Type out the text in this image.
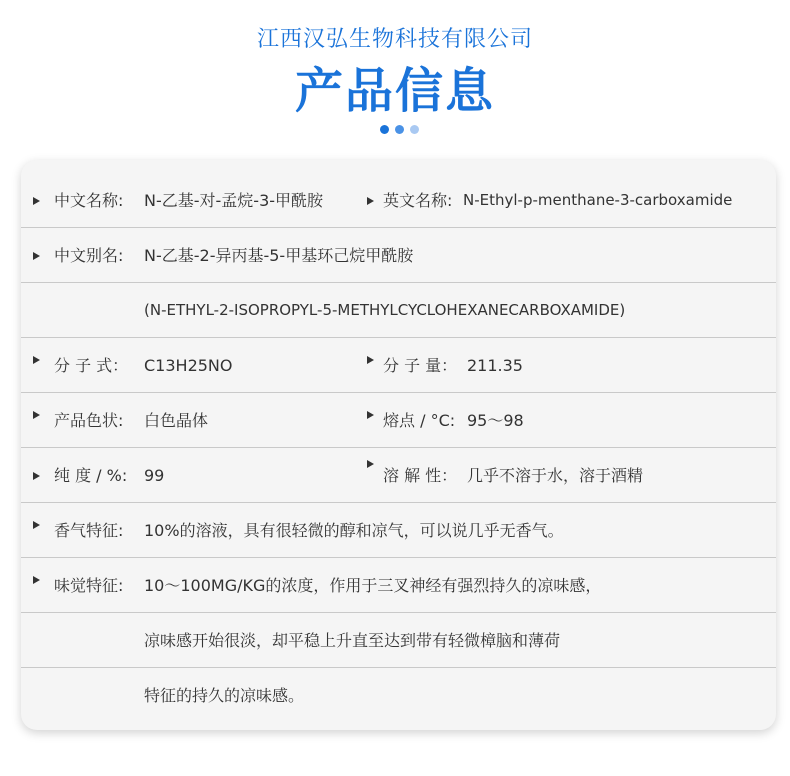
江西汉弘生物科技有限公司
产品信息
中文名称: N-乙基-对-孟烷-3-甲酰胺	英文名称: N-Ethyl-p-menthane-3-carboxamide
中文别名: N-乙基-2-异丙基-5-甲基环己烷甲酰胺
(N-ETHYL-2-ISOPROPYL-5-METHYLCYCLOHEXANECARBOXAMIDE)
分 子 式： C13H25NO	分 子 量： 211.35
产品色状: 白色晶体	熔点 / °C: 95～98
纯 度 / %: 99	溶 解 性： 几乎不溶于水，溶于酒精
香气特征: 10%的溶液，具有很轻微的醇和凉气，可以说几乎无香气。
味觉特征: 10～100MG/KG的浓度，作用于三叉神经有强烈持久的凉味感，
凉味感开始很淡，却平稳上升直至达到带有轻微樟脑和薄荷
特征的持久的凉味感。
